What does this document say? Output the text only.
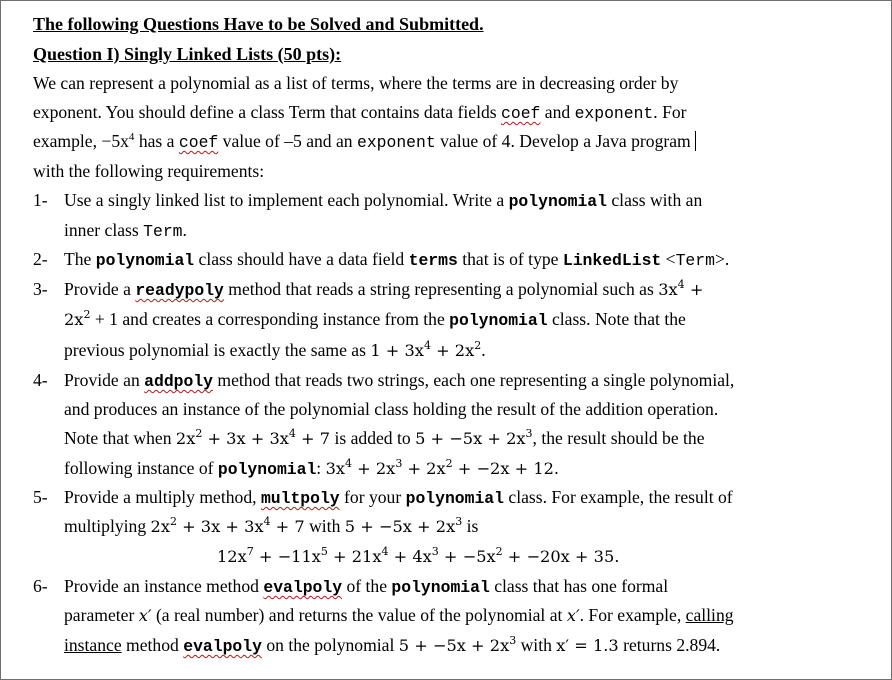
The following Questions Have to be Solved and Submitted.
Question I) Singly Linked Lists (50 pts):
We can represent a polynomial as a list of terms, where the terms are in decreasing order by
exponent. You should define a class Term that contains data fields coef and exponent. For
example, $-5x^4$ has a coef value of –5 and an exponent value of 4. Develop a Java program
with the following requirements:
1- Use a singly linked list to implement each polynomial. Write a polynomial class with an
inner class Term.
2- The polynomial class should have a data field terms that is of type LinkedList <Term>.
3- Provide a readypoly method that reads a string representing a polynomial such as $3x^4$ +
$2x^2 + 1$ and creates a corresponding instance from the polynomial class. Note that the
previous polynomial is exactly the same as $1 + 3x^4 + 2x^2$.
4- Provide an addpoly method that reads two strings, each one representing a single polynomial,
and produces an instance of the polynomial class holding the result of the addition operation.
Note that when $2x^2 + 3x + 3x^4 + 7$ is added to $5 + -5x + 2x^3$, the result should be the
following instance of polynomial: $3x^4 + 2x^3 + 2x^2 + -2x + 12$.
5- Provide a multiply method, multpoly for your polynomial class. For example, the result of
multiplying $2x^2 + 3x + 3x^4 + 7$ with $5 + -5x + 2x^3$ is
$12x^7 + -11x^5 + 21x^4 + 4x^3 + -5x^2 + -20x + 35$.
6- Provide an instance method evalpoly of the polynomial class that has one formal
parameter x′ (a real number) and returns the value of the polynomial at x′. For example, calling
instance method evalpoly on the polynomial $5 + -5x + 2x^3$ with x′ = 1.3 returns 2.894.
